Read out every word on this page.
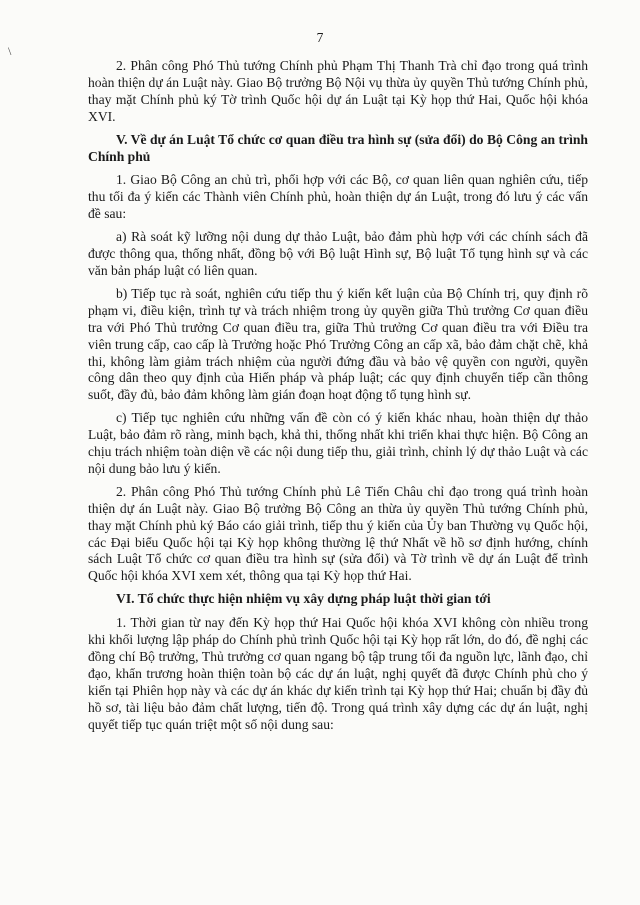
\
7

2. Phân công Phó Thủ tướng Chính phủ Phạm Thị Thanh Trà chỉ đạo trong quá trình hoàn thiện dự án Luật này. Giao Bộ trưởng Bộ Nội vụ thừa ủy quyền Thủ tướng Chính phủ, thay mặt Chính phủ ký Tờ trình Quốc hội dự án Luật tại Kỳ họp thứ Hai, Quốc hội khóa XVI.

V. Về dự án Luật Tổ chức cơ quan điều tra hình sự (sửa đổi) do Bộ Công an trình Chính phủ

1. Giao Bộ Công an chủ trì, phối hợp với các Bộ, cơ quan liên quan nghiên cứu, tiếp thu tối đa ý kiến các Thành viên Chính phủ, hoàn thiện dự án Luật, trong đó lưu ý các vấn đề sau:

a) Rà soát kỹ lưỡng nội dung dự thảo Luật, bảo đảm phù hợp với các chính sách đã được thông qua, thống nhất, đồng bộ với Bộ luật Hình sự, Bộ luật Tố tụng hình sự và các văn bản pháp luật có liên quan.

b) Tiếp tục rà soát, nghiên cứu tiếp thu ý kiến kết luận của Bộ Chính trị, quy định rõ phạm vi, điều kiện, trình tự và trách nhiệm trong ủy quyền giữa Thủ trưởng Cơ quan điều tra với Phó Thủ trưởng Cơ quan điều tra, giữa Thủ trưởng Cơ quan điều tra với Điều tra viên trung cấp, cao cấp là Trưởng hoặc Phó Trưởng Công an cấp xã, bảo đảm chặt chẽ, khả thi, không làm giảm trách nhiệm của người đứng đầu và bảo vệ quyền con người, quyền công dân theo quy định của Hiến pháp và pháp luật; các quy định chuyển tiếp cần thông suốt, đầy đủ, bảo đảm không làm gián đoạn hoạt động tố tụng hình sự.

c) Tiếp tục nghiên cứu những vấn đề còn có ý kiến khác nhau, hoàn thiện dự thảo Luật, bảo đảm rõ ràng, minh bạch, khả thi, thống nhất khi triển khai thực hiện. Bộ Công an chịu trách nhiệm toàn diện về các nội dung tiếp thu, giải trình, chỉnh lý dự thảo Luật và các nội dung bảo lưu ý kiến.

2. Phân công Phó Thủ tướng Chính phủ Lê Tiến Châu chỉ đạo trong quá trình hoàn thiện dự án Luật này. Giao Bộ trưởng Bộ Công an thừa ủy quyền Thủ tướng Chính phủ, thay mặt Chính phủ ký Báo cáo giải trình, tiếp thu ý kiến của Ủy ban Thường vụ Quốc hội, các Đại biểu Quốc hội tại Kỳ họp không thường lệ thứ Nhất về hồ sơ định hướng, chính sách Luật Tổ chức cơ quan điều tra hình sự (sửa đổi) và Tờ trình về dự án Luật để trình Quốc hội khóa XVI xem xét, thông qua tại Kỳ họp thứ Hai.

VI. Tổ chức thực hiện nhiệm vụ xây dựng pháp luật thời gian tới

1. Thời gian từ nay đến Kỳ họp thứ Hai Quốc hội khóa XVI không còn nhiều trong khi khối lượng lập pháp do Chính phủ trình Quốc hội tại Kỳ họp rất lớn, do đó, đề nghị các đồng chí Bộ trưởng, Thủ trưởng cơ quan ngang bộ tập trung tối đa nguồn lực, lãnh đạo, chỉ đạo, khẩn trương hoàn thiện toàn bộ các dự án luật, nghị quyết đã được Chính phủ cho ý kiến tại Phiên họp này và các dự án khác dự kiến trình tại Kỳ họp thứ Hai; chuẩn bị đầy đủ hồ sơ, tài liệu bảo đảm chất lượng, tiến độ. Trong quá trình xây dựng các dự án luật, nghị quyết tiếp tục quán triệt một số nội dung sau:
